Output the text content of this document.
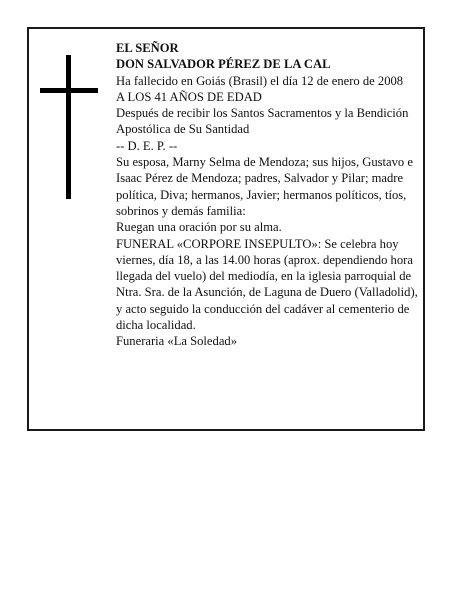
EL SEÑOR

DON SALVADOR PÉREZ DE LA CAL

Ha fallecido en Goiás (Brasil) el día 12 de enero de 2008

A LOS 41 AÑOS DE EDAD

Después de recibir los Santos Sacramentos y la Bendición Apostólica de Su Santidad

-- D. E. P. --

Su esposa, Marny Selma de Mendoza; sus hijos, Gustavo e Isaac Pérez de Mendoza; padres, Salvador y Pilar; madre política, Diva; hermanos, Javier; hermanos políticos, tíos, sobrinos y demás familia:

Ruegan una oración por su alma.

FUNERAL «CORPORE INSEPULTO»: Se celebra hoy viernes, día 18, a las 14.00 horas (aprox. dependiendo hora llegada del vuelo) del mediodía, en la iglesia parroquial de Ntra. Sra. de la Asunción, de Laguna de Duero (Valladolid), y acto seguido la conducción del cadáver al cementerio de dicha localidad.

Funeraria «La Soledad»
